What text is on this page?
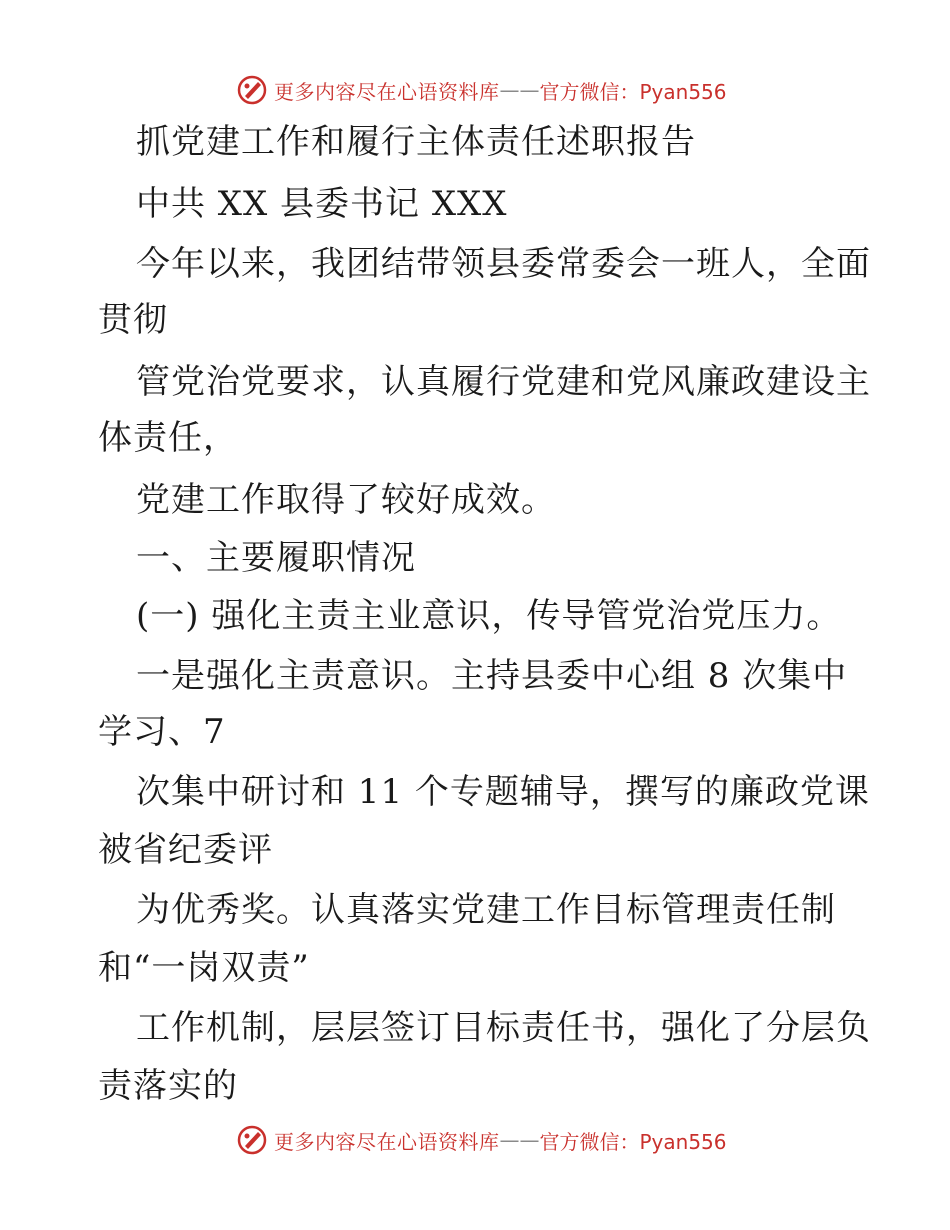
更多内容尽在心语资料库 —— 官方微信：Pyan556
抓党建工作和履行主体责任述职报告
中共 XX 县委书记 XXX
今年以来，我团结带领县委常委会一班人，全面
贯彻
管党治党要求，认真履行党建和党风廉政建设主
体责任，
党建工作取得了较好成效。
一、主要履职情况
(一) 强化主责主业意识，传导管党治党压力。
一是强化主责意识。主持县委中心组 8 次集中
学习、7
次集中研讨和 11 个专题辅导，撰写的廉政党课
被省纪委评
为优秀奖。认真落实党建工作目标管理责任制
和“一岗双责”
工作机制，层层签订目标责任书，强化了分层负
责落实的
更多内容尽在心语资料库 —— 官方微信：Pyan556
